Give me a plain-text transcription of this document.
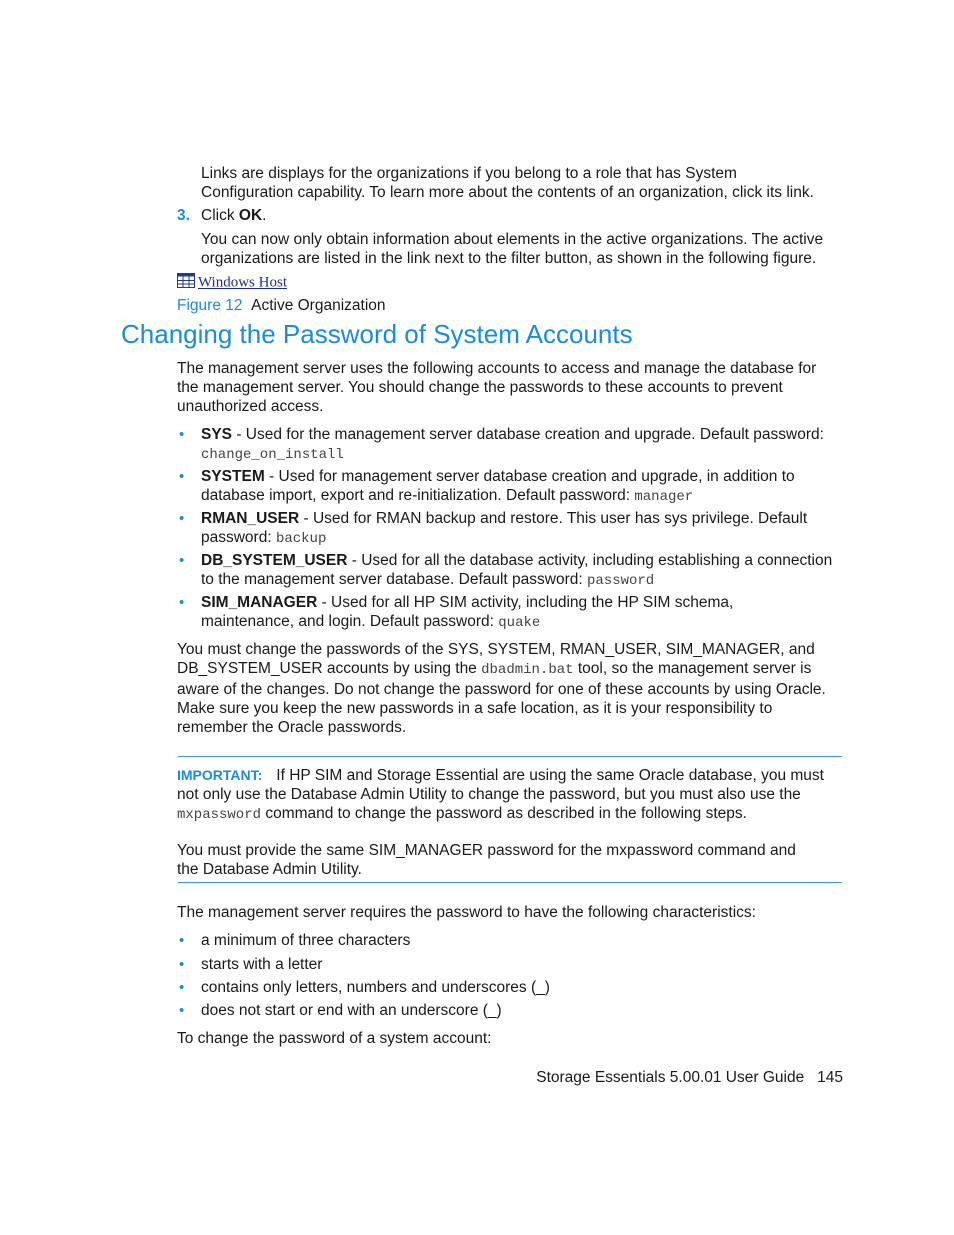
Links are displays for the organizations if you belong to a role that has System Configuration capability. To learn more about the contents of an organization, click its link.
3. Click OK.
You can now only obtain information about elements in the active organizations. The active organizations are listed in the link next to the filter button, as shown in the following figure.
Windows Host
Figure 12 Active Organization
Changing the Password of System Accounts
The management server uses the following accounts to access and manage the database for the management server. You should change the passwords to these accounts to prevent unauthorized access.
• SYS - Used for the management server database creation and upgrade. Default password:
change_on_install
• SYSTEM - Used for management server database creation and upgrade, in addition to database import, export and re-initialization. Default password: manager
• RMAN_USER - Used for RMAN backup and restore. This user has sys privilege. Default password: backup
• DB_SYSTEM_USER - Used for all the database activity, including establishing a connection to the management server database. Default password: password
• SIM_MANAGER - Used for all HP SIM activity, including the HP SIM schema, maintenance, and login. Default password: quake
You must change the passwords of the SYS, SYSTEM, RMAN_USER, SIM_MANAGER, and DB_SYSTEM_USER accounts by using the dbadmin.bat tool, so the management server is aware of the changes. Do not change the password for one of these accounts by using Oracle. Make sure you keep the new passwords in a safe location, as it is your responsibility to remember the Oracle passwords.
IMPORTANT: If HP SIM and Storage Essential are using the same Oracle database, you must not only use the Database Admin Utility to change the password, but you must also use the mxpassword command to change the password as described in the following steps.
You must provide the same SIM_MANAGER password for the mxpassword command and the Database Admin Utility.
The management server requires the password to have the following characteristics:
• a minimum of three characters
• starts with a letter
• contains only letters, numbers and underscores (_)
• does not start or end with an underscore (_)
To change the password of a system account:
Storage Essentials 5.00.01 User Guide 145
